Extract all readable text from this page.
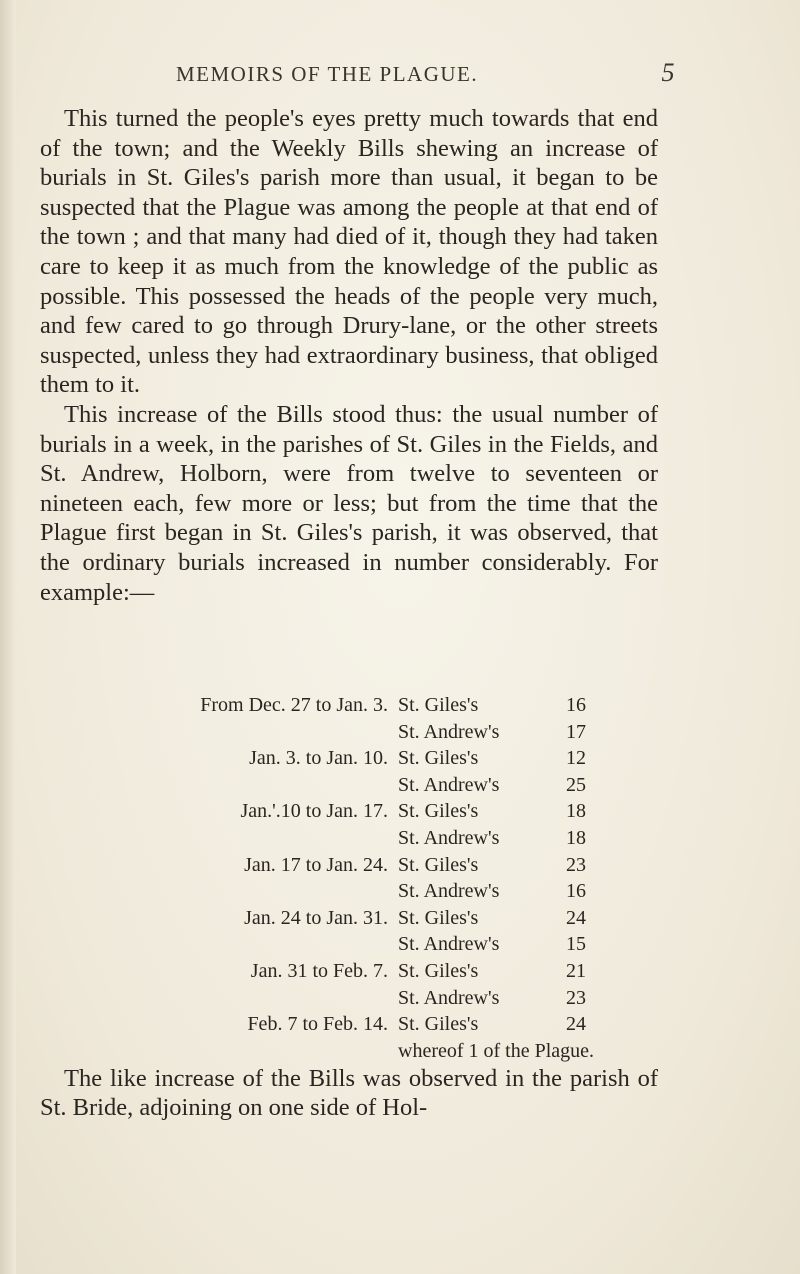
MEMOIRS OF THE PLAGUE.	5

This turned the people's eyes pretty much towards that end of the town; and the Weekly Bills shewing an increase of burials in St. Giles's parish more than usual, it began to be suspected that the Plague was among the people at that end of the town ; and that many had died of it, though they had taken care to keep it as much from the knowledge of the public as possible. This possessed the heads of the people very much, and few cared to go through Drury-lane, or the other streets suspected, unless they had extraordinary business, that obliged them to it.

This increase of the Bills stood thus: the usual number of burials in a week, in the parishes of St. Giles in the Fields, and St. Andrew, Holborn, were from twelve to seventeen or nineteen each, few more or less; but from the time that the Plague first began in St. Giles's parish, it was observed, that the ordinary burials increased in number considerably. For example:—

From Dec. 27 to Jan. 3. St. Giles's	16
St. Andrew's	17
Jan. 3. to Jan. 10. St. Giles's	12
St. Andrew's	25
Jan.'.10 to Jan. 17. St. Giles's	18
St. Andrew's	18
Jan. 17 to Jan. 24. St. Giles's	23
St. Andrew's	16
Jan. 24 to Jan. 31. St. Giles's	24
St. Andrew's	15
Jan. 31 to Feb. 7. St. Giles's	21
St. Andrew's	23
Feb. 7 to Feb. 14. St. Giles's	24
whereof 1 of the Plague.

The like increase of the Bills was observed in the parish of St. Bride, adjoining on one side of Hol-
